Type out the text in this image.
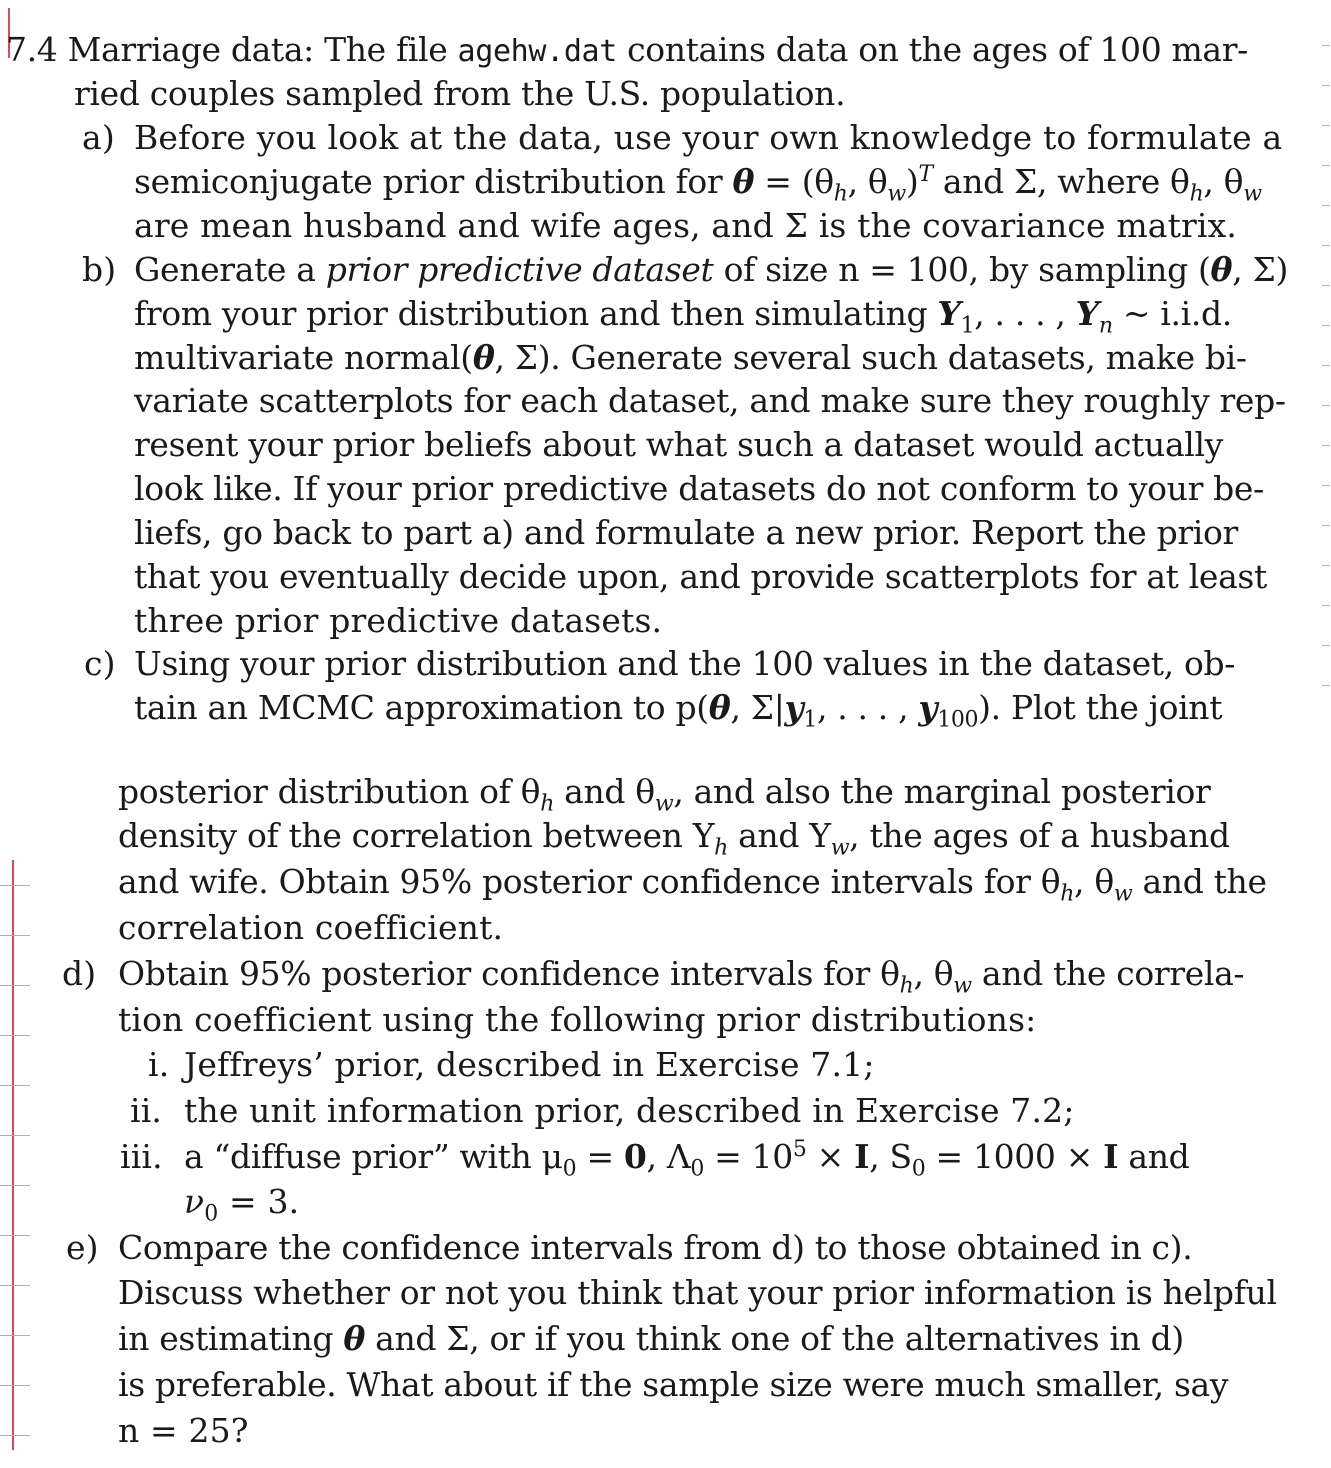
7.4 Marriage data: The file agehw.dat contains data on the ages of 100 mar-
ried couples sampled from the U.S. population.
a) Before you look at the data, use your own knowledge to formulate a
semiconjugate prior distribution for $\theta = (\theta_h$, $\theta_w)^T$ and Σ, where $\theta_h$, $\theta_w$
are mean husband and wife ages, and Σ is the covariance matrix.
b) Generate a prior predictive dataset of size n = 100, by sampling (θ, Σ)
from your prior distribution and then simulating $Y_1$, . . . , $Y_n$ ~ i.i.d.
multivariate normal(θ, Σ). Generate several such datasets, make bi-
variate scatterplots for each dataset, and make sure they roughly rep-
resent your prior beliefs about what such a dataset would actually
look like. If your prior predictive datasets do not conform to your be-
liefs, go back to part a) and formulate a new prior. Report the prior
that you eventually decide upon, and provide scatterplots for at least
three prior predictive datasets.
c) Using your prior distribution and the 100 values in the dataset, ob-
tain an MCMC approximation to p(θ, $\Sigma|y_1$, . . . , $y_{100}$). Plot the joint
posterior distribution of $\theta_h$ and $\theta_w$, and also the marginal posterior
density of the correlation between $Y_h$ and $Y_w$, the ages of a husband
and wife. Obtain 95% posterior confidence intervals for $\theta_h$, $\theta_w$ and the
correlation coefficient.
d) Obtain 95% posterior confidence intervals for $\theta_h$, $\theta_w$ and the correla-
tion coefficient using the following prior distributions:
i. Jeffreys’ prior, described in Exercise 7.1;
ii. the unit information prior, described in Exercise 7.2;
iii. a “diffuse prior” with $\mu_0 = 0$, $\Lambda_0 = 10^5 \times I$, $S_0 = 1000 \times I$ and
$\nu_0 = 3$.
e) Compare the confidence intervals from d) to those obtained in c).
Discuss whether or not you think that your prior information is helpful
in estimating θ and Σ, or if you think one of the alternatives in d)
is preferable. What about if the sample size were much smaller, say
n = 25?
